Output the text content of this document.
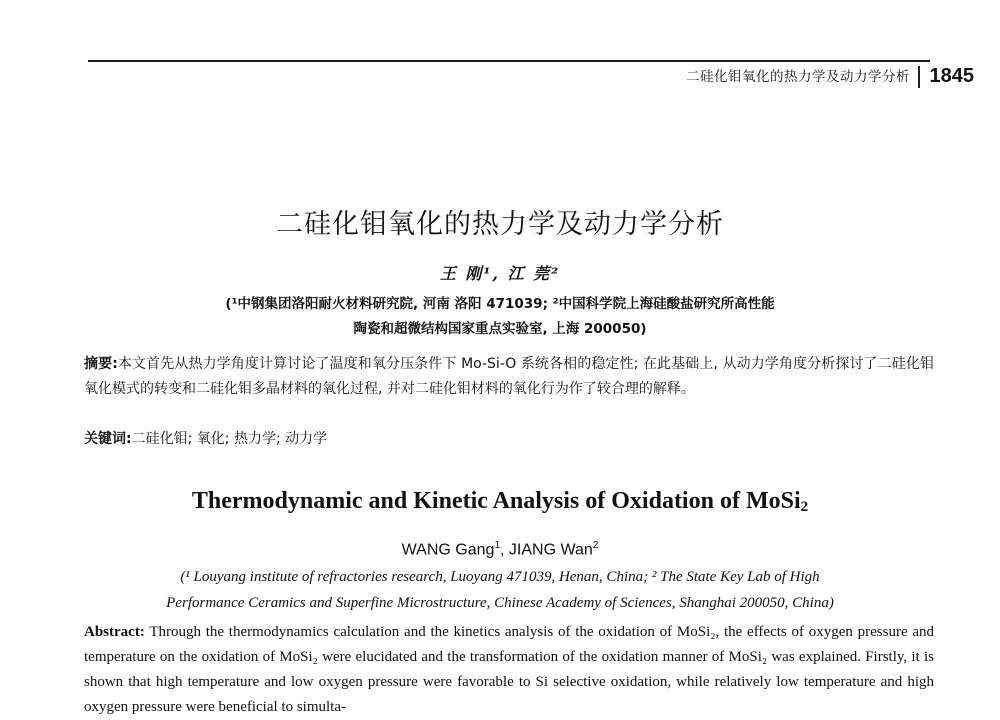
二硅化钼氧化的热力学及动力学分析 1845
二硅化钼氧化的热力学及动力学分析
王 刚¹, 江 莞²
(¹中钢集团洛阳耐火材料研究院, 河南 洛阳 471039; ²中国科学院上海硅酸盐研究所高性能
陶瓷和超微结构国家重点实验室, 上海 200050)
摘要:本文首先从热力学角度计算讨论了温度和氧分压条件下 Mo-Si-O 系统各相的稳定性; 在此基础上, 从动力学角度分析探讨了二硅化钼氧化模式的转变和二硅化钼多晶材料的氧化过程, 并对二硅化钼材料的氧化行为作了较合理的解释。
关键词:二硅化钼; 氧化; 热力学; 动力学
Thermodynamic and Kinetic Analysis of Oxidation of MoSi$_2$
WANG Gang$^1$, JIANG Wan$^2$
(¹ Louyang institute of refractories research, Luoyang 471039, Henan, China; ² The State Key Lab of High
Performance Ceramics and Superfine Microstructure, Chinese Academy of Sciences, Shanghai 200050, China)
Abstract: Through the thermodynamics calculation and the kinetics analysis of the oxidation of MoSi₂, the effects of oxygen pressure and temperature on the oxidation of MoSi₂ were elucidated and the transformation of the oxidation manner of MoSi₂ was explained. Firstly, it is shown that high temperature and low oxygen pressure were favorable to Si selective oxidation, while relatively low temperature and high oxygen pressure were beneficial to simulta-
